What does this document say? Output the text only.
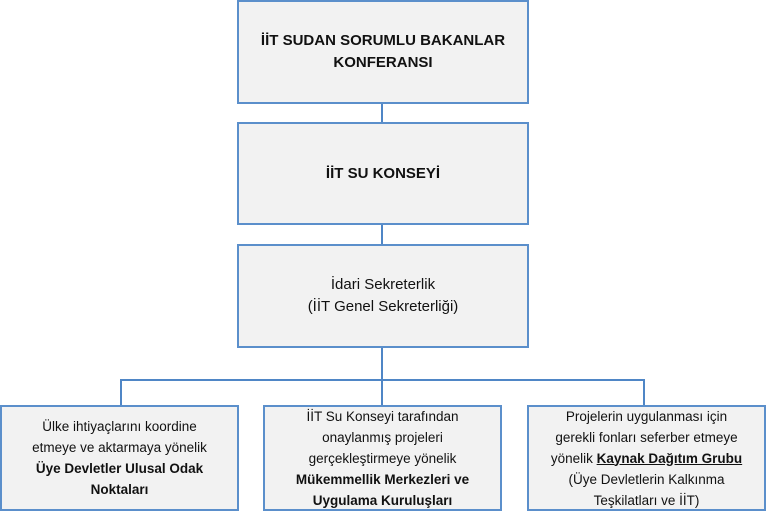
İİT SUDAN SORUMLU BAKANLAR
KONFERANSI
İİT SU KONSEYİ
İdari Sekreterlik
(İİT Genel Sekreterliği)
Ülke ihtiyaçlarını koordine
etmeye ve aktarmaya yönelik
Üye Devletler Ulusal Odak
Noktaları
İİT Su Konseyi tarafından
onaylanmış projeleri
gerçekleştirmeye yönelik
Mükemmellik Merkezleri ve
Uygulama Kuruluşları
Projelerin uygulanması için
gerekli fonları seferber etmeye
yönelik Kaynak Dağıtım Grubu
(Üye Devletlerin Kalkınma
Teşkilatları ve İİT)
